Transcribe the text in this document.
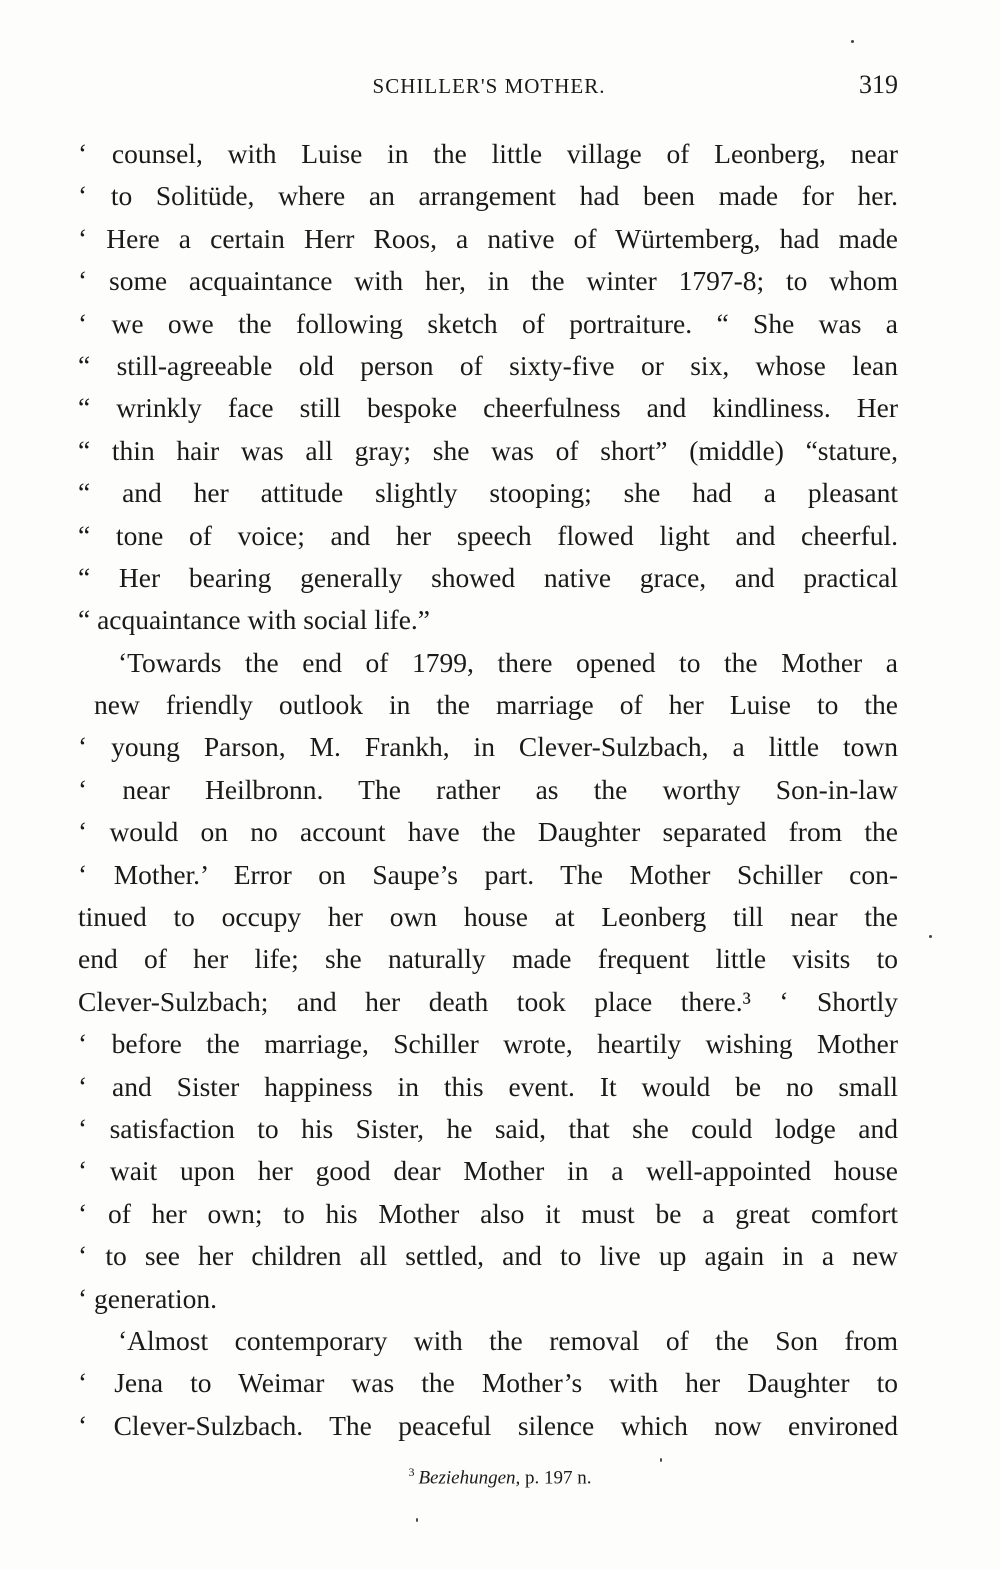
SCHILLER'S MOTHER.	319
‘ counsel, with Luise in the little village of Leonberg, near
‘ to Solitüde, where an arrangement had been made for her.
‘ Here a certain Herr Roos, a native of Würtemberg, had made
‘ some acquaintance with her, in the winter 1797-8; to whom
‘ we owe the following sketch of portraiture. “ She was a
“ still-agreeable old person of sixty-five or six, whose lean
“ wrinkly face still bespoke cheerfulness and kindliness. Her
“ thin hair was all gray; she was of short” (middle) “stature,
“ and her attitude slightly stooping; she had a pleasant
“ tone of voice; and her speech flowed light and cheerful.
“ Her bearing generally showed native grace, and practical
“ acquaintance with social life.”
‘Towards the end of 1799, there opened to the Mother a
new friendly outlook in the marriage of her Luise to the
‘ young Parson, M. Frankh, in Clever-Sulzbach, a little town
‘ near Heilbronn. The rather as the worthy Son-in-law
‘ would on no account have the Daughter separated from the
‘ Mother.’ Error on Saupe’s part. The Mother Schiller con-
tinued to occupy her own house at Leonberg till near the
end of her life; she naturally made frequent little visits to
Clever-Sulzbach; and her death took place there.³ ‘ Shortly
‘ before the marriage, Schiller wrote, heartily wishing Mother
‘ and Sister happiness in this event. It would be no small
‘ satisfaction to his Sister, he said, that she could lodge and
‘ wait upon her good dear Mother in a well-appointed house
‘ of her own; to his Mother also it must be a great comfort
‘ to see her children all settled, and to live up again in a new
‘ generation.
‘Almost contemporary with the removal of the Son from
‘ Jena to Weimar was the Mother’s with her Daughter to
‘ Clever-Sulzbach. The peaceful silence which now environed
$^3$ Beziehungen, p. 197 n.
